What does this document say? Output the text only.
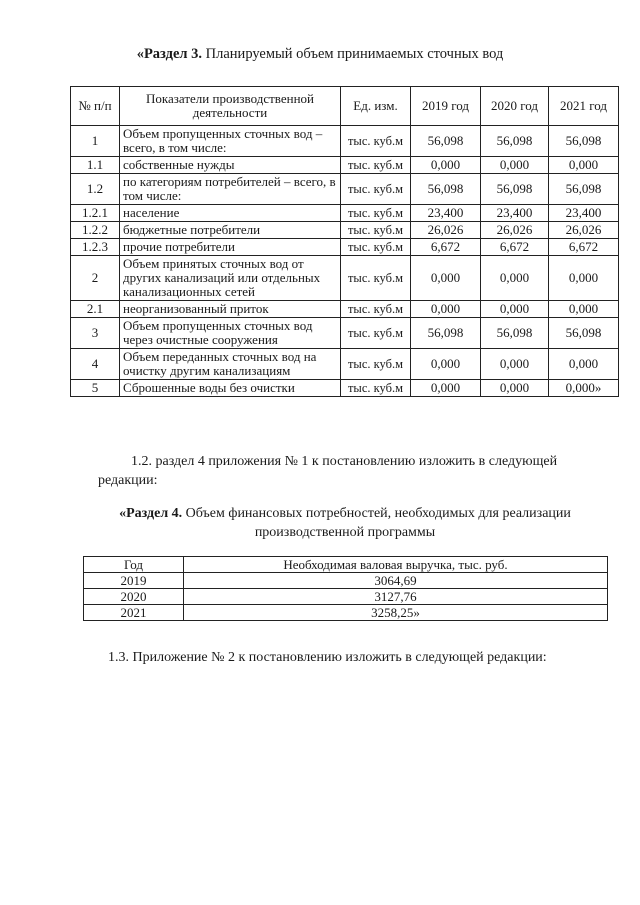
«Раздел 3. Планируемый объем принимаемых сточных вод
№ п/п	Показатели производственной деятельности	Ед. изм.	2019 год	2020 год	2021 год
1	Объем пропущенных сточных вод – всего, в том числе:	тыс. куб.м	56,098	56,098	56,098
1.1	собственные нужды	тыс. куб.м	0,000	0,000	0,000
1.2	по категориям потребителей – всего, в том числе:	тыс. куб.м	56,098	56,098	56,098
1.2.1	население	тыс. куб.м	23,400	23,400	23,400
1.2.2	бюджетные потребители	тыс. куб.м	26,026	26,026	26,026
1.2.3	прочие потребители	тыс. куб.м	6,672	6,672	6,672
2	Объем принятых сточных вод от других канализаций или отдельных канализационных сетей	тыс. куб.м	0,000	0,000	0,000
2.1	неорганизованный приток	тыс. куб.м	0,000	0,000	0,000
3	Объем пропущенных сточных вод через очистные сооружения	тыс. куб.м	56,098	56,098	56,098
4	Объем переданных сточных вод на очистку другим канализациям	тыс. куб.м	0,000	0,000	0,000
5	Сброшенные воды без очистки	тыс. куб.м	0,000	0,000	0,000»

1.2. раздел 4 приложения № 1 к постановлению изложить в следующей редакции:

«Раздел 4. Объем финансовых потребностей, необходимых для реализации производственной программы
Год	Необходимая валовая выручка, тыс. руб.
2019	3064,69
2020	3127,76
2021	3258,25»
1.3. Приложение № 2 к постановлению изложить в следующей редакции:
